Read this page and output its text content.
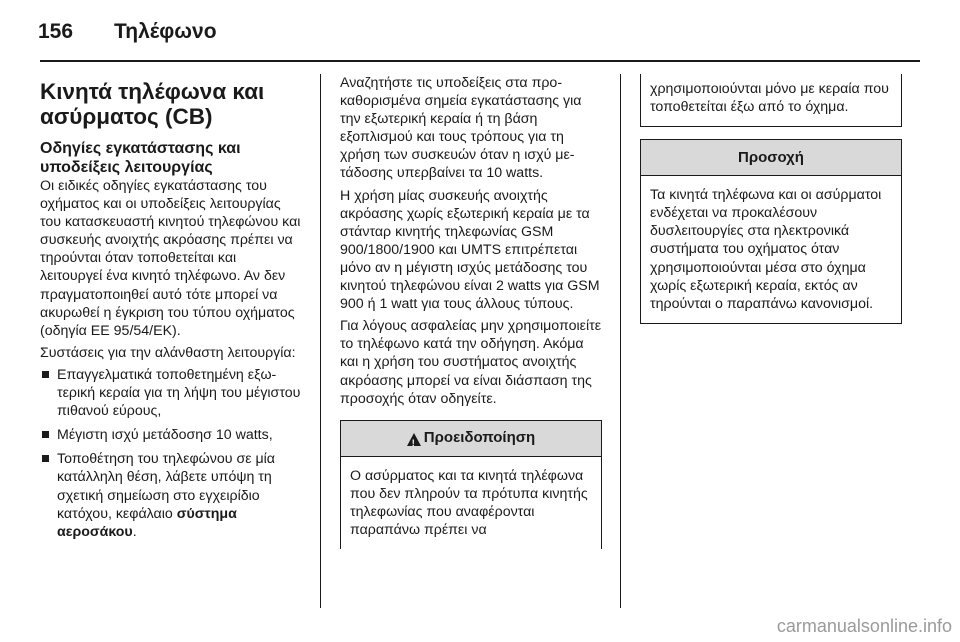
156 Τηλέφωνο
Κινητά τηλέφωνα και ασύρματος (CB)
Οδηγίες εγκατάστασης και υποδείξεις λειτουργίας

Οι ειδικές οδηγίες εγκατάστασης του οχήματος και οι υποδείξεις λειτουργίας του κατασκευαστή κινητού τηλεφώνου και συσκευής ανοιχτής ακρόασης πρέπει να τηρούνται όταν τοποθετείται και λειτουργεί ένα κινητό τηλέφωνο. Αν δεν πραγματοποιηθεί αυτό τότε μπορεί να ακυρωθεί η έγκριση του τύπου οχήματος (οδηγία ΕΕ 95/54/ΕΚ).

Συστάσεις για την αλάνθαστη λειτουργία:

Επαγγελματικά τοποθετημένη εξωτερική κεραία για τη λήψη του μέγιστου πιθανού εύρους,
Μέγιστη ισχύ μετάδοσησ 10 watts,
Τοποθέτηση του τηλεφώνου σε μία κατάλληλη θέση, λάβετε υπόψη τη σχετική σημείωση στο εγχειρίδιο κατόχου, κεφάλαιο σύστημα αεροσάκου.

Αναζητήστε τις υποδείξεις στα προκαθορισμένα σημεία εγκατάστασης για την εξωτερική κεραία ή τη βάση εξοπλισμού και τους τρόπους για τη χρήση των συσκευών όταν η ισχύ μετάδοσης υπερβαίνει τα 10 watts.

Η χρήση μίας συσκευής ανοιχτής ακρόασης χωρίς εξωτερική κεραία με τα στάνταρ κινητής τηλεφωνίας GSM 900/1800/1900 και UMTS επιτρέπεται μόνο αν η μέγιστη ισχύς μετάδοσης του κινητού τηλεφώνου είναι 2 watts για GSM 900 ή 1 watt για τους άλλους τύπους.

Για λόγους ασφαλείας μην χρησιμοποιείτε το τηλέφωνο κατά την οδήγηση. Ακόμα και η χρήση του συστήματος ανοιχτής ακρόασης μπορεί να είναι διάσπαση της προσοχής όταν οδηγείτε.

!
Προειδοποίηση
Ο ασύρματος και τα κινητά τηλέφωνα που δεν πληρούν τα πρότυπα κινητής τηλεφωνίας που αναφέρονται παραπάνω πρέπει να
χρησιμοποιούνται μόνο με κεραία που τοποθετείται έξω από το όχημα.
Προσοχή
Τα κινητά τηλέφωνα και οι ασύρματοι ενδέχεται να προκαλέσουν δυσλειτουργίες στα ηλεκτρονικά συστήματα του οχήματος όταν χρησιμοποιούνται μέσα στο όχημα χωρίς εξωτερική κεραία, εκτός αν τηρούνται ο παραπάνω κανονισμοί.
carmanualsonline.info
